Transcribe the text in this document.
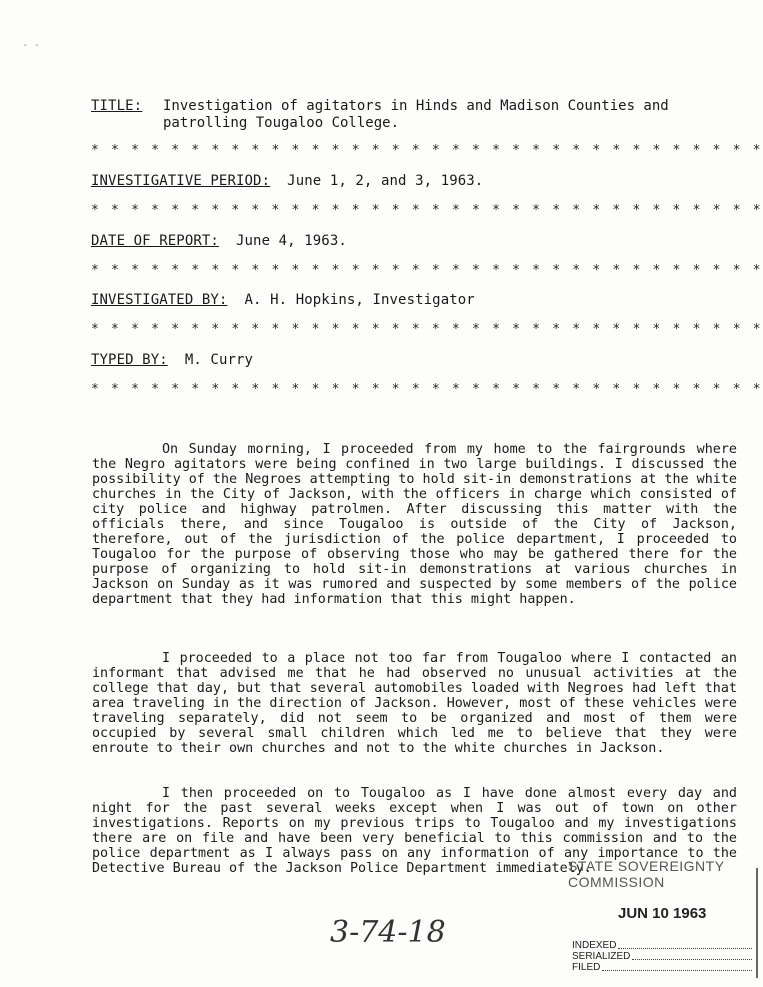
- -
TITLE: Investigation of agitators in Hinds and Madison Counties and
patrolling Tougaloo College.
* * * * * * * * * * * * * * * * * * * * * * * * * * * * * * * * * *
INVESTIGATIVE PERIOD: June 1, 2, and 3, 1963.
* * * * * * * * * * * * * * * * * * * * * * * * * * * * * * * * * *
DATE OF REPORT: June 4, 1963.
* * * * * * * * * * * * * * * * * * * * * * * * * * * * * * * * * *
INVESTIGATED BY: A. H. Hopkins, Investigator
* * * * * * * * * * * * * * * * * * * * * * * * * * * * * * * * * *
TYPED BY: M. Curry
* * * * * * * * * * * * * * * * * * * * * * * * * * * * * * * * * *

On Sunday morning, I proceeded from my home to the fairgrounds where the Negro agitators were being confined in two large buildings. I discussed the possibility of the Negroes attempting to hold sit-in demonstrations at the white churches in the City of Jackson, with the officers in charge which consisted of city police and highway patrolmen. After discussing this matter with the officials there, and since Tougaloo is outside of the City of Jackson, therefore, out of the jurisdiction of the police department, I proceeded to Tougaloo for the purpose of observing those who may be gathered there for the purpose of organizing to hold sit-in demonstrations at various churches in Jackson on Sunday as it was rumored and suspected by some members of the police department that they had information that this might happen.

I proceeded to a place not too far from Tougaloo where I contacted an informant that advised me that he had observed no unusual activities at the college that day, but that several automobiles loaded with Negroes had left that area traveling in the direction of Jackson. However, most of these vehicles were traveling separately, did not seem to be organized and most of them were occupied by several small children which led me to believe that they were enroute to their own churches and not to the white churches in Jackson.

I then proceeded on to Tougaloo as I have done almost every day and night for the past several weeks except when I was out of town on other investigations. Reports on my previous trips to Tougaloo and my investigations there are on file and have been very beneficial to this commission and to the police department as I always pass on any information of any importance to the Detective Bureau of the Jackson Police Department immediately.

STATE SOVEREIGNTY COMMISSION
3-74-18
JUN 10 1963
INDEXED
SERIALIZED
FILED
